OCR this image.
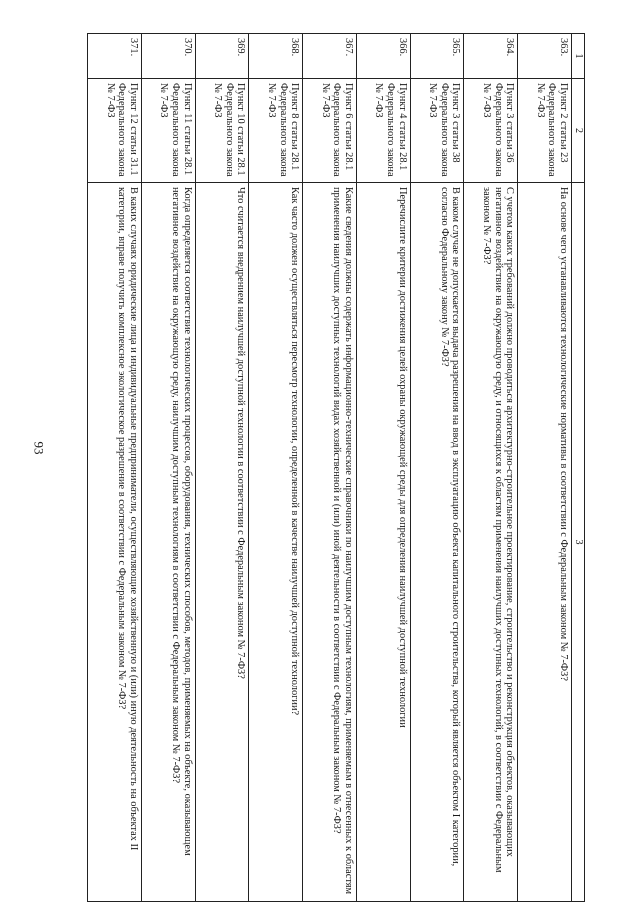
93
1	2	3
363.	Пункт 2 статьи 23 Федерального закона № 7-ФЗ	На основе чего устанавливаются технологические нормативы в соответствии с Федеральным законом № 7-ФЗ?
364.	Пункт 3 статьи 36 Федерального закона № 7-ФЗ	С учетом каких требований должно проводиться архитектурно-строительное проектирование, строительство и реконструкция объектов, оказывающих негативное воздействие на окружающую среду, и относящихся к областям применения наилучших доступных технологий, в соответствии с Федеральным законом № 7-ФЗ?
365.	Пункт 3 статьи 38 Федерального закона № 7-ФЗ	В каком случае не допускается выдача разрешения на ввод в эксплуатацию объекта капитального строительства, который является объектом I категории, согласно Федеральному закону № 7-ФЗ?
366.	Пункт 4 статьи 28.1 Федерального закона № 7-ФЗ	Перечислите критерии достижения целей охраны окружающей среды для определения наилучшей доступной технологии
367.	Пункт 6 статьи 28.1 Федерального закона № 7-ФЗ	Какие сведения должны содержать информационно-технические справочники по наилучшим доступным технологиям, применяемым в отнесенных к областям применения наилучших доступных технологий видах хозяйственной и (или) иной деятельности в соответствии с Федеральным законом № 7-ФЗ?
368.	Пункт 8 статьи 28.1 Федерального закона № 7-ФЗ	Как часто должен осуществляться пересмотр технологии, определенной в качестве наилучшей доступной технологии?
369.	Пункт 10 статьи 28.1 Федерального закона № 7-ФЗ	Что считается внедрением наилучшей доступной технологии в соответствии с Федеральным законом № 7-ФЗ?
370.	Пункт 11 статьи 28.1 Федерального закона № 7-ФЗ	Когда определяется соответствие технологических процессов, оборудования, технических способов, методов, применяемых на объекте, оказывающем негативное воздействие на окружающую среду, наилучшим доступным технологиям в соответствии с Федеральным законом № 7-ФЗ?
371.	Пункт 12 статьи 31.1 Федерального закона № 7-ФЗ	В каких случаях юридические лица и индивидуальные предприниматели, осуществляющие хозяйственную и (или) иную деятельность на объектах II категории, вправе получить комплексное экологическое разрешение в соответствии с Федеральным законом № 7-ФЗ?
